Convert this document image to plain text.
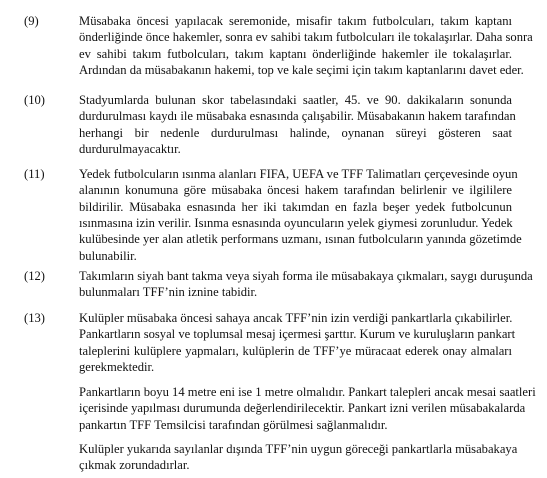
(9)	Müsabaka öncesi yapılacak seremonide, misafir takım futbolcuları, takım kaptanı
önderliğinde önce hakemler, sonra ev sahibi takım futbolcuları ile tokalaşırlar. Daha sonra
ev sahibi takım futbolcuları, takım kaptanı önderliğinde hakemler ile tokalaşırlar.
Ardından da müsabakanın hakemi, top ve kale seçimi için takım kaptanlarını davet eder.
(10)	Stadyumlarda bulunan skor tabelasındaki saatler, 45. ve 90. dakikaların sonunda
durdurulması kaydı ile müsabaka esnasında çalışabilir. Müsabakanın hakem tarafından
herhangi bir nedenle durdurulması halinde, oynanan süreyi gösteren saat
durdurulmayacaktır.
(11)	Yedek futbolcuların ısınma alanları FIFA, UEFA ve TFF Talimatları çerçevesinde oyun
alanının konumuna göre müsabaka öncesi hakem tarafından belirlenir ve ilgililere
bildirilir. Müsabaka esnasında her iki takımdan en fazla beşer yedek futbolcunun
ısınmasına izin verilir. Isınma esnasında oyuncuların yelek giymesi zorunludur. Yedek
kulübesinde yer alan atletik performans uzmanı, ısınan futbolcuların yanında gözetimde
bulunabilir.
(12)	Takımların siyah bant takma veya siyah forma ile müsabakaya çıkmaları, saygı duruşunda
bulunmaları TFF’nin iznine tabidir.
(13)	Kulüpler müsabaka öncesi sahaya ancak TFF’nin izin verdiği pankartlarla çıkabilirler.
Pankartların sosyal ve toplumsal mesaj içermesi şarttır. Kurum ve kuruluşların pankart
taleplerini kulüplere yapmaları, kulüplerin de TFF’ye müracaat ederek onay almaları
gerekmektedir.
Pankartların boyu 14 metre eni ise 1 metre olmalıdır. Pankart talepleri ancak mesai saatleri
içerisinde yapılması durumunda değerlendirilecektir. Pankart izni verilen müsabakalarda
pankartın TFF Temsilcisi tarafından görülmesi sağlanmalıdır.
Kulüpler yukarıda sayılanlar dışında TFF’nin uygun göreceği pankartlarla müsabakaya
çıkmak zorundadırlar.
